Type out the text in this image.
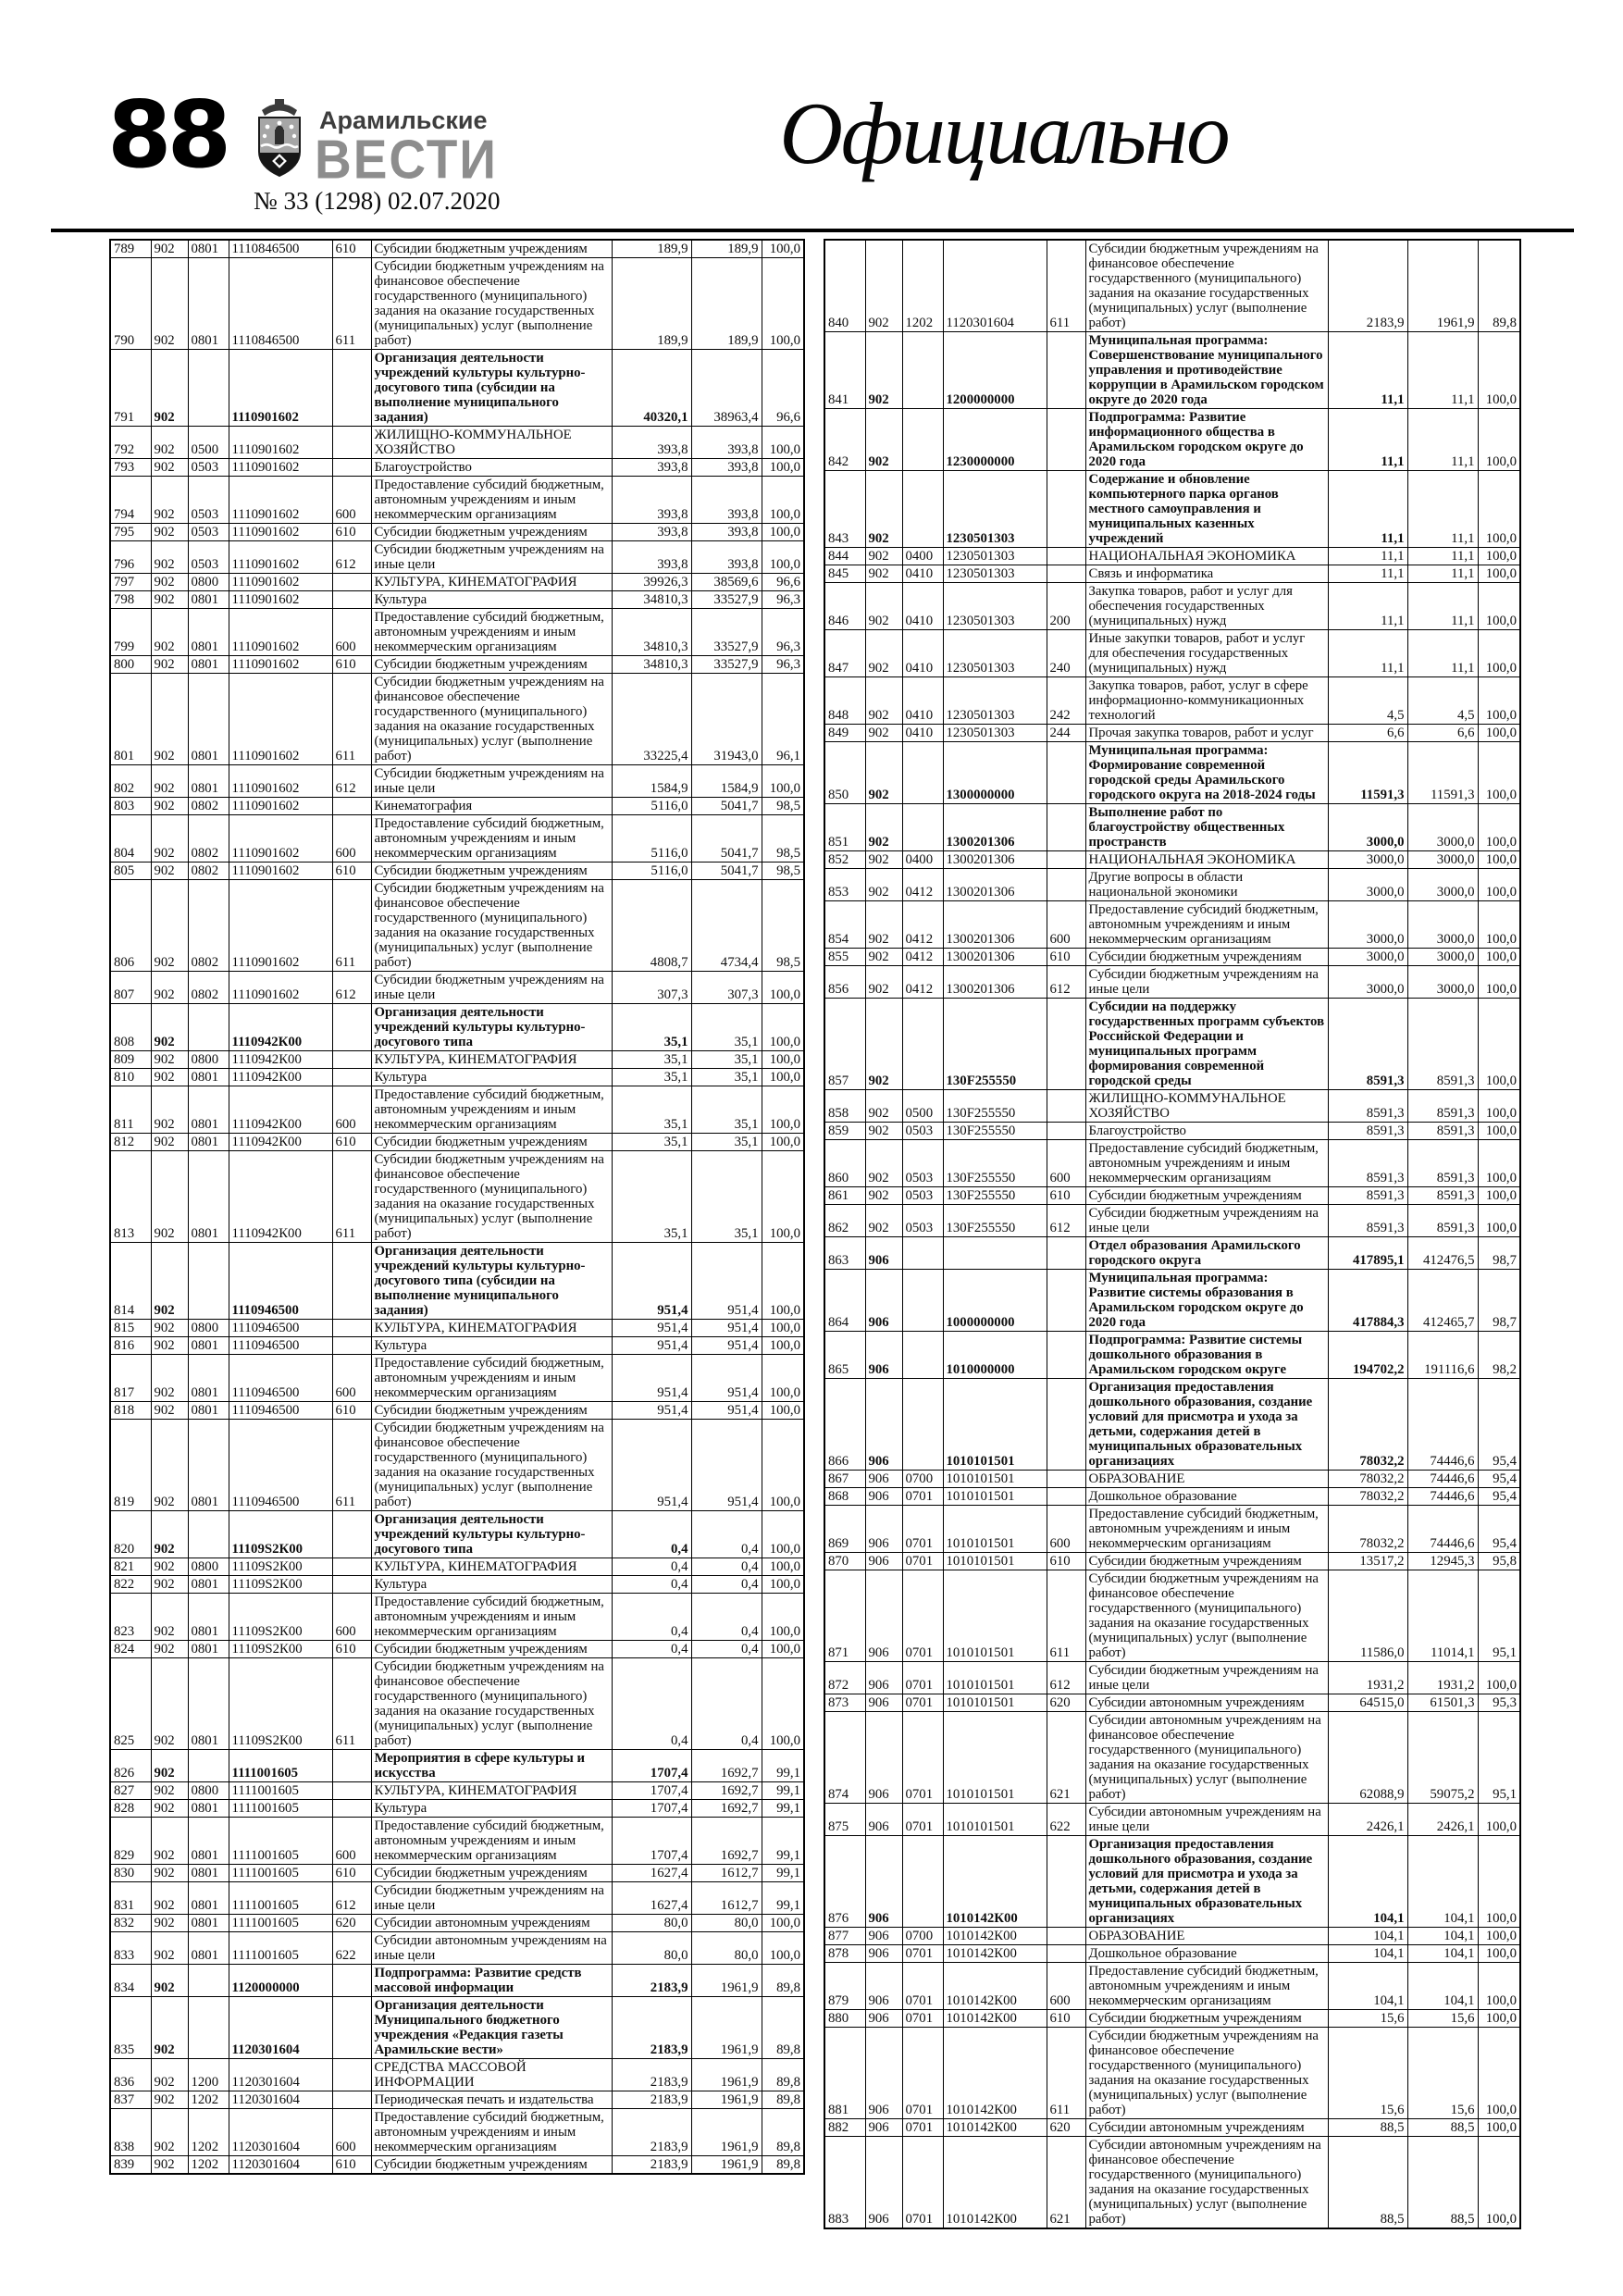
88	Арамильские
ВЕСТИ
№ 33 (1298) 02.07.2020
Официально
789	902	0801	1110846500	610	Субсидии бюджетным учреждениям	189,9	189,9	100,0
790	902	0801	1110846500	611	Субсидии бюджетным учреждениям на финансовое обеспечение государственного (муниципального) задания на оказание государственных (муниципальных) услуг (выполнение работ)	189,9	189,9	100,0
791	902		1110901602		Организация деятельности учреждений культуры культурно-досугового типа (субсидии на выполнение муниципального задания)	40320,1	38963,4	96,6
792	902	0500	1110901602		ЖИЛИЩНО-КОММУНАЛЬНОЕ ХОЗЯЙСТВО	393,8	393,8	100,0
793	902	0503	1110901602		Благоустройство	393,8	393,8	100,0
794	902	0503	1110901602	600	Предоставление субсидий бюджетным, автономным учреждениям и иным некоммерческим организациям	393,8	393,8	100,0
795	902	0503	1110901602	610	Субсидии бюджетным учреждениям	393,8	393,8	100,0
796	902	0503	1110901602	612	Субсидии бюджетным учреждениям на иные цели	393,8	393,8	100,0
797	902	0800	1110901602		КУЛЬТУРА, КИНЕМАТОГРАФИЯ	39926,3	38569,6	96,6
798	902	0801	1110901602		Культура	34810,3	33527,9	96,3
799	902	0801	1110901602	600	Предоставление субсидий бюджетным, автономным учреждениям и иным некоммерческим организациям	34810,3	33527,9	96,3
800	902	0801	1110901602	610	Субсидии бюджетным учреждениям	34810,3	33527,9	96,3
801	902	0801	1110901602	611	Субсидии бюджетным учреждениям на финансовое обеспечение государственного (муниципального) задания на оказание государственных (муниципальных) услуг (выполнение работ)	33225,4	31943,0	96,1
802	902	0801	1110901602	612	Субсидии бюджетным учреждениям на иные цели	1584,9	1584,9	100,0
803	902	0802	1110901602		Кинематография	5116,0	5041,7	98,5
804	902	0802	1110901602	600	Предоставление субсидий бюджетным, автономным учреждениям и иным некоммерческим организациям	5116,0	5041,7	98,5
805	902	0802	1110901602	610	Субсидии бюджетным учреждениям	5116,0	5041,7	98,5
806	902	0802	1110901602	611	Субсидии бюджетным учреждениям на финансовое обеспечение государственного (муниципального) задания на оказание государственных (муниципальных) услуг (выполнение работ)	4808,7	4734,4	98,5
807	902	0802	1110901602	612	Субсидии бюджетным учреждениям на иные цели	307,3	307,3	100,0
808	902		1110942К00		Организация деятельности учреждений культуры культурно-досугового типа	35,1	35,1	100,0
809	902	0800	1110942К00		КУЛЬТУРА, КИНЕМАТОГРАФИЯ	35,1	35,1	100,0
810	902	0801	1110942К00		Культура	35,1	35,1	100,0
811	902	0801	1110942К00	600	Предоставление субсидий бюджетным, автономным учреждениям и иным некоммерческим организациям	35,1	35,1	100,0
812	902	0801	1110942К00	610	Субсидии бюджетным учреждениям	35,1	35,1	100,0
813	902	0801	1110942К00	611	Субсидии бюджетным учреждениям на финансовое обеспечение государственного (муниципального) задания на оказание государственных (муниципальных) услуг (выполнение работ)	35,1	35,1	100,0
814	902		1110946500		Организация деятельности учреждений культуры культурно-досугового типа (субсидии на выполнение муниципального задания)	951,4	951,4	100,0
815	902	0800	1110946500		КУЛЬТУРА, КИНЕМАТОГРАФИЯ	951,4	951,4	100,0
816	902	0801	1110946500		Культура	951,4	951,4	100,0
817	902	0801	1110946500	600	Предоставление субсидий бюджетным, автономным учреждениям и иным некоммерческим организациям	951,4	951,4	100,0
818	902	0801	1110946500	610	Субсидии бюджетным учреждениям	951,4	951,4	100,0
819	902	0801	1110946500	611	Субсидии бюджетным учреждениям на финансовое обеспечение государственного (муниципального) задания на оказание государственных (муниципальных) услуг (выполнение работ)	951,4	951,4	100,0
820	902		11109S2К00		Организация деятельности учреждений культуры культурно-досугового типа	0,4	0,4	100,0
821	902	0800	11109S2К00		КУЛЬТУРА, КИНЕМАТОГРАФИЯ	0,4	0,4	100,0
822	902	0801	11109S2К00		Культура	0,4	0,4	100,0
823	902	0801	11109S2К00	600	Предоставление субсидий бюджетным, автономным учреждениям и иным некоммерческим организациям	0,4	0,4	100,0
824	902	0801	11109S2К00	610	Субсидии бюджетным учреждениям	0,4	0,4	100,0
825	902	0801	11109S2К00	611	Субсидии бюджетным учреждениям на финансовое обеспечение государственного (муниципального) задания на оказание государственных (муниципальных) услуг (выполнение работ)	0,4	0,4	100,0
826	902		1111001605		Мероприятия в сфере культуры и искусства	1707,4	1692,7	99,1
827	902	0800	1111001605		КУЛЬТУРА, КИНЕМАТОГРАФИЯ	1707,4	1692,7	99,1
828	902	0801	1111001605		Культура	1707,4	1692,7	99,1
829	902	0801	1111001605	600	Предоставление субсидий бюджетным, автономным учреждениям и иным некоммерческим организациям	1707,4	1692,7	99,1
830	902	0801	1111001605	610	Субсидии бюджетным учреждениям	1627,4	1612,7	99,1
831	902	0801	1111001605	612	Субсидии бюджетным учреждениям на иные цели	1627,4	1612,7	99,1
832	902	0801	1111001605	620	Субсидии автономным учреждениям	80,0	80,0	100,0
833	902	0801	1111001605	622	Субсидии автономным учреждениям на иные цели	80,0	80,0	100,0
834	902		1120000000		Подпрограмма: Развитие средств массовой информации	2183,9	1961,9	89,8
835	902		1120301604		Организация деятельности Муниципального бюджетного учреждения «Редакция газеты Арамильские вести»	2183,9	1961,9	89,8
836	902	1200	1120301604		СРЕДСТВА МАССОВОЙ ИНФОРМАЦИИ	2183,9	1961,9	89,8
837	902	1202	1120301604		Периодическая печать и издательства	2183,9	1961,9	89,8
838	902	1202	1120301604	600	Предоставление субсидий бюджетным, автономным учреждениям и иным некоммерческим организациям	2183,9	1961,9	89,8
839	902	1202	1120301604	610	Субсидии бюджетным учреждениям	2183,9	1961,9	89,8
840	902	1202	1120301604	611	Субсидии бюджетным учреждениям на финансовое обеспечение государственного (муниципального) задания на оказание государственных (муниципальных) услуг (выполнение работ)	2183,9	1961,9	89,8
841	902		1200000000		Муниципальная программа: Совершенствование муниципального управления и противодействие коррупции в Арамильском городском округе до 2020 года	11,1	11,1	100,0
842	902		1230000000		Подпрограмма: Развитие информационного общества в Арамильском городском округе до 2020 года	11,1	11,1	100,0
843	902		1230501303		Содержание и обновление компьютерного парка органов местного самоуправления и муниципальных казенных учреждений	11,1	11,1	100,0
844	902	0400	1230501303		НАЦИОНАЛЬНАЯ ЭКОНОМИКА	11,1	11,1	100,0
845	902	0410	1230501303		Связь и информатика	11,1	11,1	100,0
846	902	0410	1230501303	200	Закупка товаров, работ и услуг для обеспечения государственных (муниципальных) нужд	11,1	11,1	100,0
847	902	0410	1230501303	240	Иные закупки товаров, работ и услуг для обеспечения государственных (муниципальных) нужд	11,1	11,1	100,0
848	902	0410	1230501303	242	Закупка товаров, работ, услуг в сфере информационно-коммуникационных технологий	4,5	4,5	100,0
849	902	0410	1230501303	244	Прочая закупка товаров, работ и услуг	6,6	6,6	100,0
850	902		1300000000		Муниципальная программа: Формирование современной городской среды Арамильского городского округа на 2018-2024 годы	11591,3	11591,3	100,0
851	902		1300201306		Выполнение работ по благоустройству общественных пространств	3000,0	3000,0	100,0
852	902	0400	1300201306		НАЦИОНАЛЬНАЯ ЭКОНОМИКА	3000,0	3000,0	100,0
853	902	0412	1300201306		Другие вопросы в области национальной экономики	3000,0	3000,0	100,0
854	902	0412	1300201306	600	Предоставление субсидий бюджетным, автономным учреждениям и иным некоммерческим организациям	3000,0	3000,0	100,0
855	902	0412	1300201306	610	Субсидии бюджетным учреждениям	3000,0	3000,0	100,0
856	902	0412	1300201306	612	Субсидии бюджетным учреждениям на иные цели	3000,0	3000,0	100,0
857	902		130F255550		Субсидии на поддержку государственных программ субъектов Российской Федерации и муниципальных программ формирования современной городской среды	8591,3	8591,3	100,0
858	902	0500	130F255550		ЖИЛИЩНО-КОММУНАЛЬНОЕ ХОЗЯЙСТВО	8591,3	8591,3	100,0
859	902	0503	130F255550		Благоустройство	8591,3	8591,3	100,0
860	902	0503	130F255550	600	Предоставление субсидий бюджетным, автономным учреждениям и иным некоммерческим организациям	8591,3	8591,3	100,0
861	902	0503	130F255550	610	Субсидии бюджетным учреждениям	8591,3	8591,3	100,0
862	902	0503	130F255550	612	Субсидии бюджетным учреждениям на иные цели	8591,3	8591,3	100,0
863	906				Отдел образования Арамильского городского округа	417895,1	412476,5	98,7
864	906		1000000000		Муниципальная программа: Развитие системы образования в Арамильском городском округе до 2020 года	417884,3	412465,7	98,7
865	906		1010000000		Подпрограмма: Развитие системы дошкольного образования в Арамильском городском округе	194702,2	191116,6	98,2
866	906		1010101501		Организация предоставления дошкольного образования, создание условий для присмотра и ухода за детьми, содержания детей в муниципальных образовательных организациях	78032,2	74446,6	95,4
867	906	0700	1010101501		ОБРАЗОВАНИЕ	78032,2	74446,6	95,4
868	906	0701	1010101501		Дошкольное образование	78032,2	74446,6	95,4
869	906	0701	1010101501	600	Предоставление субсидий бюджетным, автономным учреждениям и иным некоммерческим организациям	78032,2	74446,6	95,4
870	906	0701	1010101501	610	Субсидии бюджетным учреждениям	13517,2	12945,3	95,8
871	906	0701	1010101501	611	Субсидии бюджетным учреждениям на финансовое обеспечение государственного (муниципального) задания на оказание государственных (муниципальных) услуг (выполнение работ)	11586,0	11014,1	95,1
872	906	0701	1010101501	612	Субсидии бюджетным учреждениям на иные цели	1931,2	1931,2	100,0
873	906	0701	1010101501	620	Субсидии автономным учреждениям	64515,0	61501,3	95,3
874	906	0701	1010101501	621	Субсидии автономным учреждениям на финансовое обеспечение государственного (муниципального) задания на оказание государственных (муниципальных) услуг (выполнение работ)	62088,9	59075,2	95,1
875	906	0701	1010101501	622	Субсидии автономным учреждениям на иные цели	2426,1	2426,1	100,0
876	906		1010142К00		Организация предоставления дошкольного образования, создание условий для присмотра и ухода за детьми, содержания детей в муниципальных образовательных организациях	104,1	104,1	100,0
877	906	0700	1010142К00		ОБРАЗОВАНИЕ	104,1	104,1	100,0
878	906	0701	1010142К00		Дошкольное образование	104,1	104,1	100,0
879	906	0701	1010142К00	600	Предоставление субсидий бюджетным, автономным учреждениям и иным некоммерческим организациям	104,1	104,1	100,0
880	906	0701	1010142К00	610	Субсидии бюджетным учреждениям	15,6	15,6	100,0
881	906	0701	1010142К00	611	Субсидии бюджетным учреждениям на финансовое обеспечение государственного (муниципального) задания на оказание государственных (муниципальных) услуг (выполнение работ)	15,6	15,6	100,0
882	906	0701	1010142К00	620	Субсидии автономным учреждениям	88,5	88,5	100,0
883	906	0701	1010142К00	621	Субсидии автономным учреждениям на финансовое обеспечение государственного (муниципального) задания на оказание государственных (муниципальных) услуг (выполнение работ)	88,5	88,5	100,0
